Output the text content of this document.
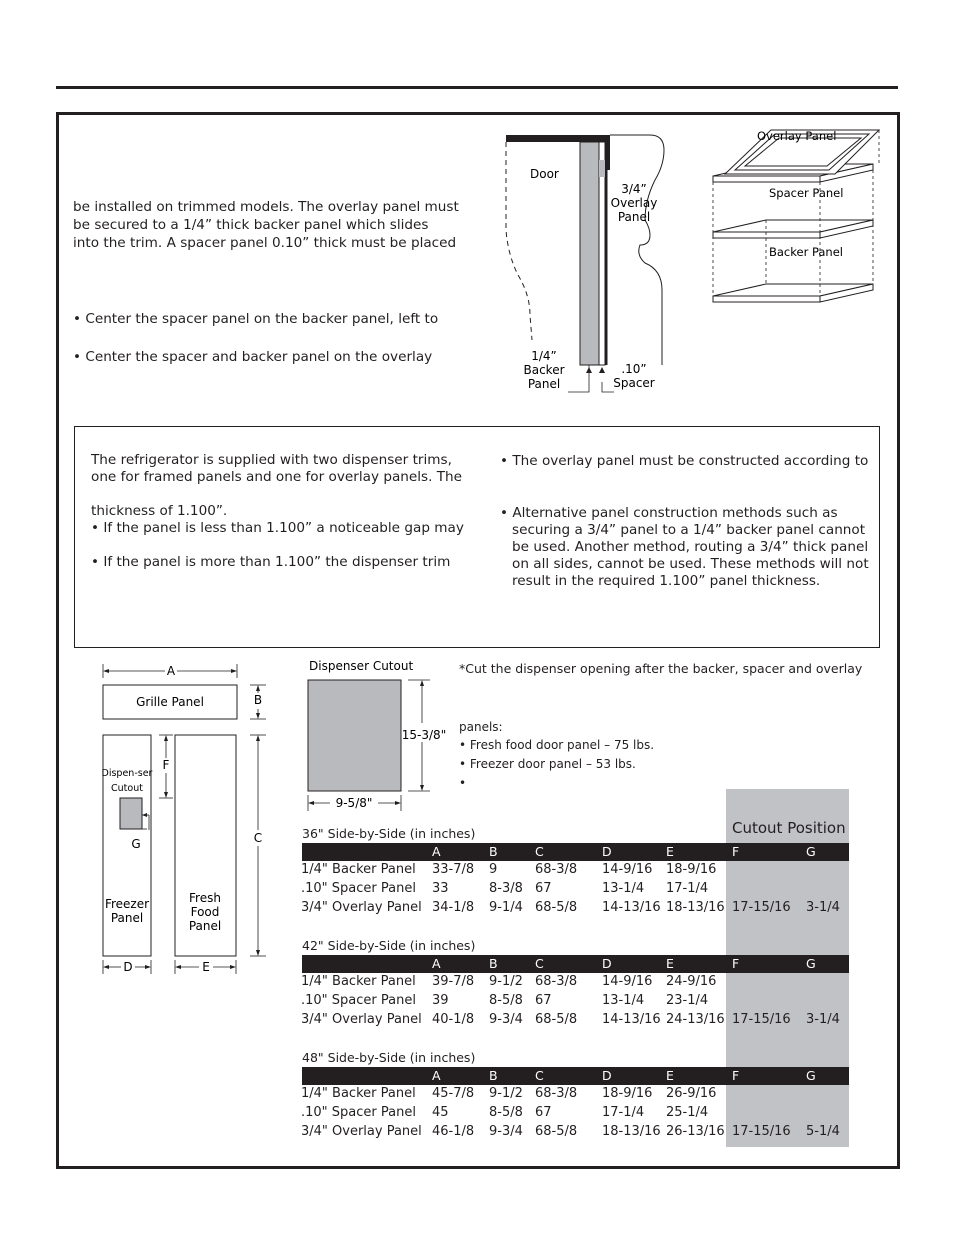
be installed on trimmed models. The overlay panel must
be secured to a 1/4” thick backer panel which slides
into the trim. A spacer panel 0.10” thick must be placed
• Center the spacer panel on the backer panel, left to
• Center the spacer and backer panel on the overlay
Door
3/4”
Overlay
Panel
1/4”
Backer
Panel
.10”
Spacer
Overlay Panel
Spacer Panel
Backer Panel
The refrigerator is supplied with two dispenser trims,
one for framed panels and one for overlay panels. The
thickness of 1.100”.
• If the panel is less than 1.100” a noticeable gap may
• If the panel is more than 1.100” the dispenser trim
• The overlay panel must be constructed according to
• Alternative panel construction methods such as
securing a 3/4” panel to a 1/4” backer panel cannot
be used. Another method, routing a 3/4” thick panel
on all sides, cannot be used. These methods will not
result in the required 1.100” panel thickness.
A
B
C
D	E
F
G
Grille Panel
Dispen-ser
Cutout
Freezer
Panel
Fresh
Food
Panel
Dispenser Cutout
15-3/8"
9-5/8"
*Cut the dispenser opening after the backer, spacer and overlay
panels:
• Fresh food door panel – 75 lbs.
• Freezer door panel – 53 lbs.
•
Cutout Position
36" Side-by-Side (in inches)
A	B	C	D	E	F	G
1/4" Backer Panel 33-7/8 9	68-3/8 14-9/16 18-9/16
.10" Spacer Panel 33	8-3/8 67	13-1/4 17-1/4
3/4" Overlay Panel 34-1/8 9-1/4 68-5/8 14-13/16 18-13/16 17-15/16 3-1/4
42" Side-by-Side (in inches)
A	B	C	D	E	F	G
1/4" Backer Panel 39-7/8 9-1/2 68-3/8 14-9/16 24-9/16
.10" Spacer Panel 39	8-5/8 67	13-1/4 23-1/4
3/4" Overlay Panel 40-1/8 9-3/4 68-5/8 14-13/16 24-13/16 17-15/16 3-1/4
48" Side-by-Side (in inches)
A	B	C	D	E	F	G
1/4" Backer Panel 45-7/8 9-1/2 68-3/8 18-9/16 26-9/16
.10" Spacer Panel 45	8-5/8 67	17-1/4 25-1/4
3/4" Overlay Panel 46-1/8 9-3/4 68-5/8 18-13/16 26-13/16 17-15/16 5-1/4
